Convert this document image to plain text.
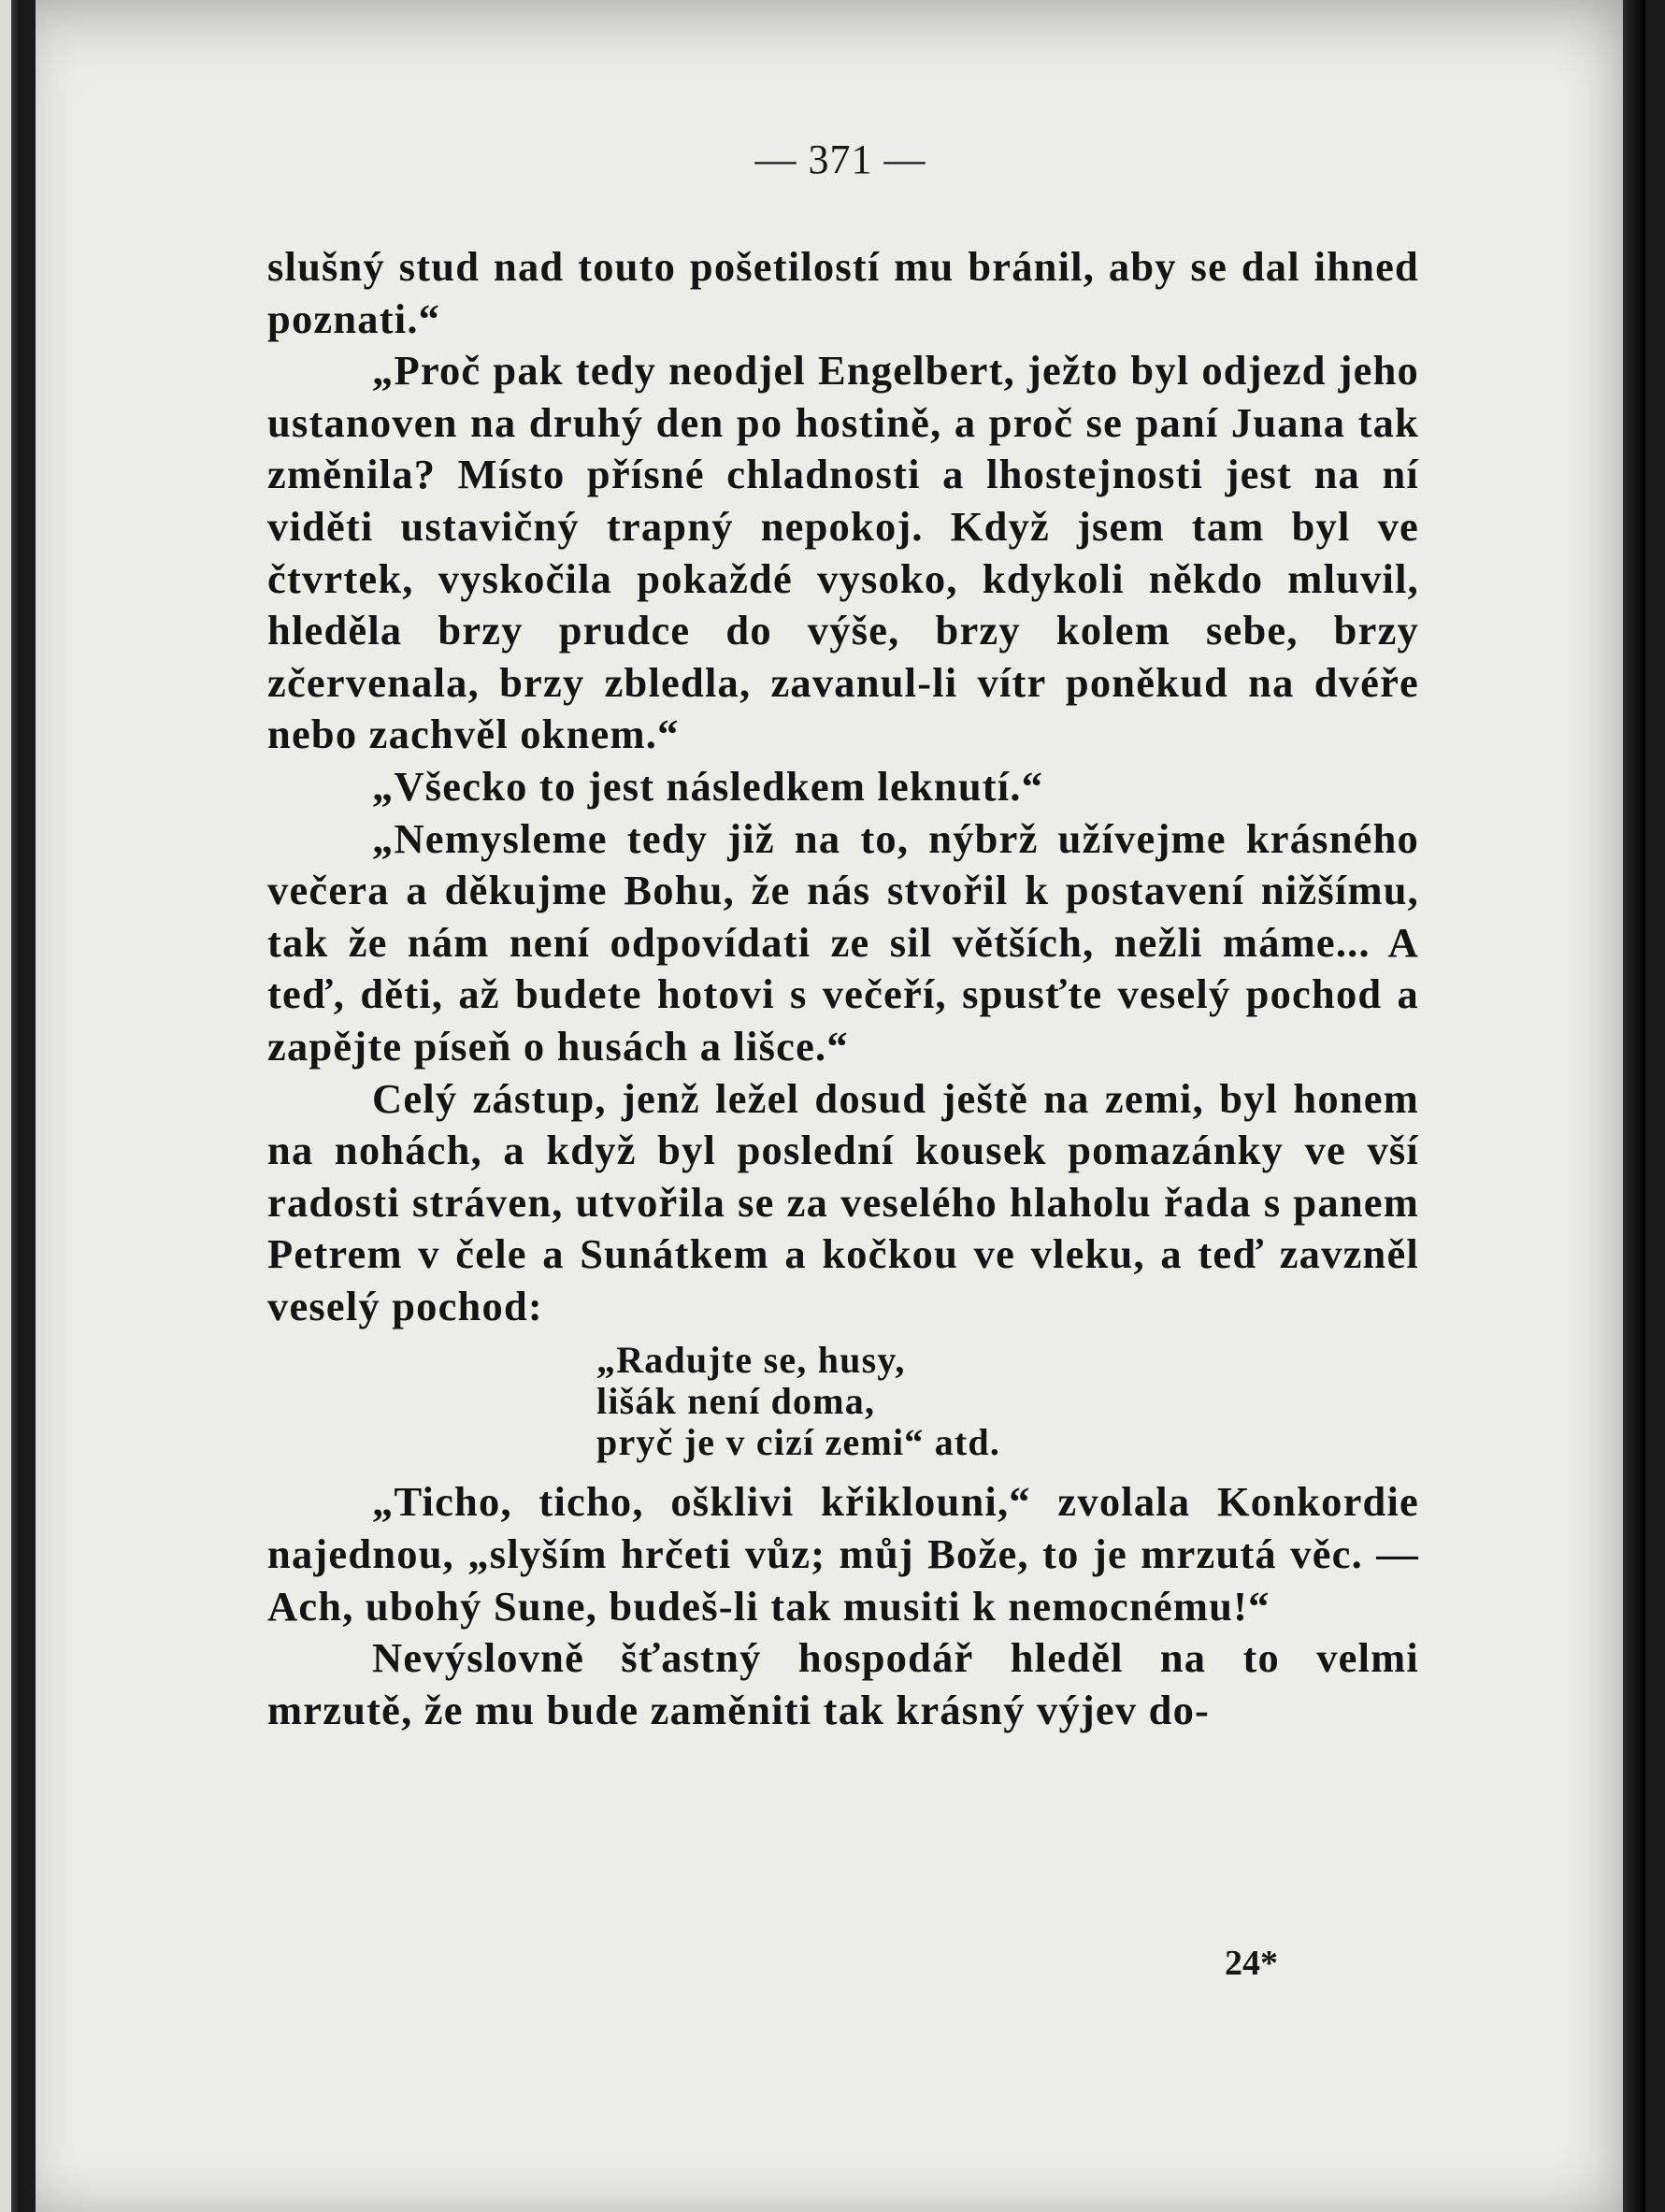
— 371 —

slušný stud nad touto pošetilostí mu bránil, aby se dal ihned poznati.“

„Proč pak tedy neodjel Engelbert, ježto byl odjezd jeho ustanoven na druhý den po hostině, a proč se paní Juana tak změnila? Místo přísné chladnosti a lhostejnosti jest na ní viděti ustavičný trapný nepokoj. Když jsem tam byl ve čtvrtek, vyskočila pokaždé vysoko, kdykoli někdo mluvil, hleděla brzy prudce do výše, brzy kolem sebe, brzy zčervenala, brzy zbledla, zavanul-li vítr poněkud na dvéře nebo zachvěl oknem.“

„Všecko to jest následkem leknutí.“

„Nemysleme tedy již na to, nýbrž užívejme krásného večera a děkujme Bohu, že nás stvořil k postavení nižšímu, tak že nám není odpovídati ze sil větších, nežli máme... A teď, děti, až budete hotovi s večeří, spusťte veselý pochod a zapějte píseň o husách a lišce.“

Celý zástup, jenž ležel dosud ještě na zemi, byl honem na nohách, a když byl poslední kousek pomazánky ve vší radosti stráven, utvořila se za veselého hlaholu řada s panem Petrem v čele a Sunátkem a kočkou ve vleku, a teď zavzněl veselý pochod:

„Radujte se, husy,
lišák není doma,
pryč je v cizí zemi“ atd.

„Ticho, ticho, ošklivi křiklouni,“ zvolala Konkordie najednou, „slyším hrčeti vůz; můj Bože, to je mrzutá věc. — Ach, ubohý Sune, budeš-li tak musiti k nemocnému!“

Nevýslovně šťastný hospodář hleděl na to velmi mrzutě, že mu bude zaměniti tak krásný výjev do-

24*
